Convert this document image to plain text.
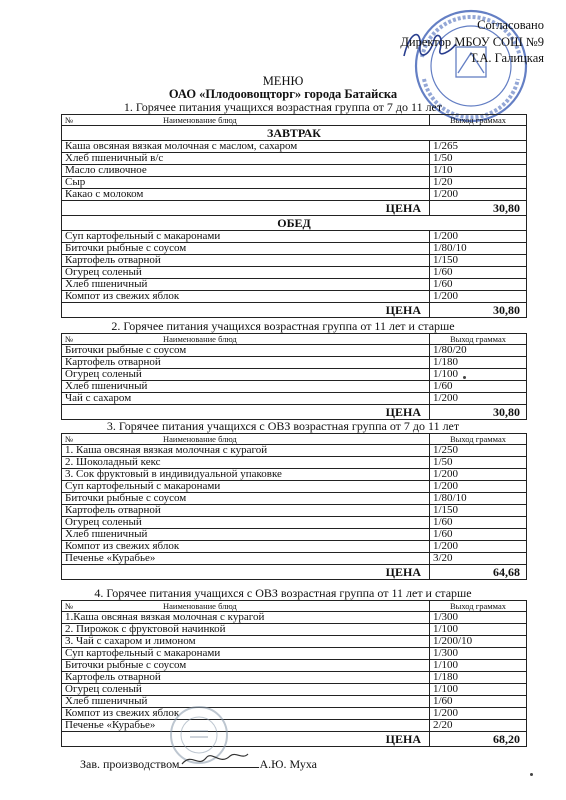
Согласовано
Директор МБОУ СОШ №9
Т.А. Галицкая
МЕНЮ
ОАО «Плодоовощторг» города Батайска
1. Горячее питания учащихся возрастная группа от 7 до 11 лет
№ Наименование блюд	Выход граммах
ЗАВТРАК	
Каша овсяная вязкая молочная с маслом, сахаром	1/265
Хлеб пшеничный в/с	1/50
Масло сливочное	1/10
Сыр	1/20
Какао с молоком	1/200
ЦЕНА	30,80
ОБЕД	
Суп картофельный с макаронами	1/200
Биточки рыбные с соусом	1/80/10
Картофель отварной	1/150
Огурец соленый	1/60
Хлеб пшеничный	1/60
Компот из свежих яблок	1/200
ЦЕНА	30,80
2. Горячее питания учащихся возрастная группа от 11 лет и старше
№ Наименование блюд	Выход граммах
Биточки рыбные с соусом	1/80/20
Картофель отварной	1/180
Огурец соленый	1/100
Хлеб пшеничный	1/60
Чай с сахаром	1/200
ЦЕНА	30,80
3. Горячее питания учащихся с ОВЗ возрастная группа от 7 до 11 лет
№ Наименование блюд	Выход граммах
1. Каша овсяная вязкая молочная с курагой	1/250
2. Шоколадный кекс	1/50
3. Сок фруктовый в индивидуальной упаковке	1/200
Суп картофельный с макаронами	1/200
Биточки рыбные с соусом	1/80/10
Картофель отварной	1/150
Огурец соленый	1/60
Хлеб пшеничный	1/60
Компот из свежих яблок	1/200
Печенье «Курабье»	3/20
ЦЕНА	64,68
4. Горячее питания учащихся с ОВЗ возрастная группа от 11 лет и старше
№ Наименование блюд	Выход граммах
1.Каша овсяная вязкая молочная с курагой	1/300
2. Пирожок с фруктовой начинкой	1/100
3. Чай с сахаром и лимоном	1/200/10
Суп картофельный с макаронами	1/300
Биточки рыбные с соусом	1/100
Картофель отварной	1/180
Огурец соленый	1/100
Хлеб пшеничный	1/60
Компот из свежих яблок	1/200
Печенье «Курабье»	2/20
ЦЕНА	68,20
Зав. производством	А.Ю. Муха
